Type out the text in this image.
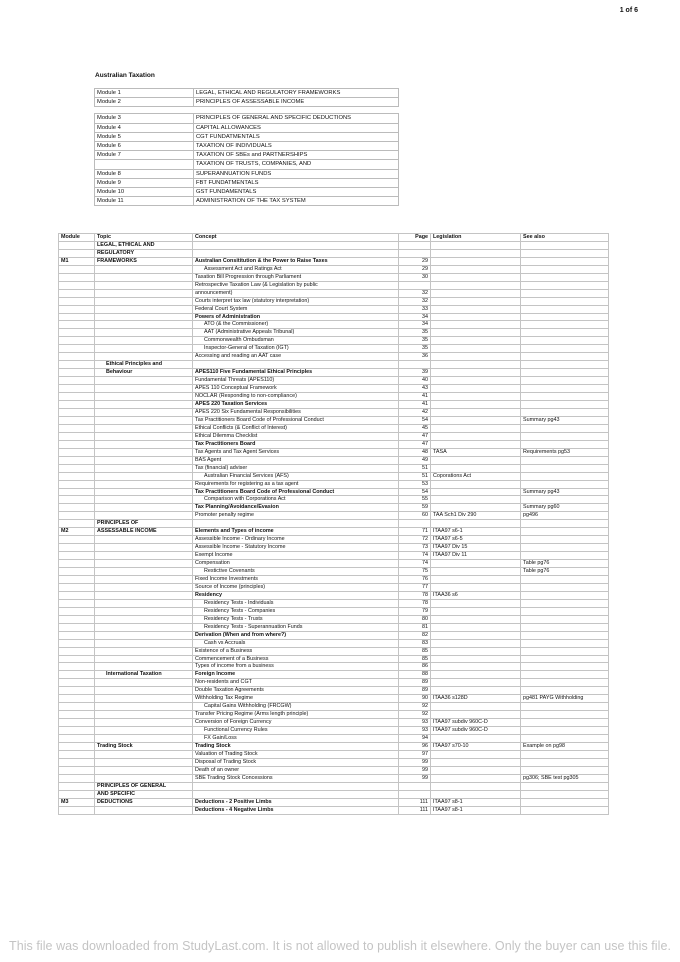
1 of 6
Australian Taxation
Module 1	LEGAL, ETHICAL AND REGULATORY FRAMEWORKS
Module 2	PRINCIPLES OF ASSESSABLE INCOME

Module 3	PRINCIPLES OF GENERAL AND SPECIFIC DEDUCTIONS
Module 4	CAPITAL ALLOWANCES
Module 5	CGT FUNDATMENTALS
Module 6	TAXATION OF INDIVIDUALS
Module 7	TAXATION OF SBEs and PARTNERSHIPS
	TAXATION OF TRUSTS, COMPANIES, AND
Module 8	SUPERANNUATION FUNDS
Module 9	FBT FUNDATMENTALS
Module 10	GST FUNDAMENTALS
Module 11	ADMINISTRATION OF THE TAX SYSTEM
Module	Topic	Concept	Page	Legislation	See also
	LEGAL, ETHICAL AND				
	REGULATORY				
M1	FRAMEWORKS	Australian Consititution & the Power to Raise Taxes	29		
		Assessment Act and Ratings Act	29		
		Taxation Bill Progression through Parliament	30		
		Retrospective Taxation Law (& Legislation by public			
		announcement)	32		
		Courts interpret tax law (statutory interpretation)	32		
		Federal Court System	33		
		Powers of Administration	34		
		ATO (& the Commissioner)	34		
		AAT (Administrative Appeals Tribunal)	35		
		Commonwealth Ombudsman	35		
		Inspector-General of Taxation (IGT)	35		
		Accessing and reading an AAT case	36		
	Ethical Principles and				
	Behaviour	APES110 Five Fundamental Ethical Principles	39		
		Fundamental Threats (APES110)	40		
		APES 110 Conceptual Framework	43		
		NOCLAR (Responding to non-compliance)	41		
		APES 220 Taxation Services	41		
		APES 220 Six Fundamental Responsibilities	42		
		Tax Practitioners Board Code of Professional Conduct	54		Summary pg43
		Ethical Conflicts (& Conflict of Interest)	45		
		Ethical Dilemma Checklist	47		
		Tax Practitioners Board	47		
		Tax Agents and Tax Agent Services	48	TASA	Requirements pg53
		BAS Agent	49		
		Tax (financial) adviser	51		
		Australian Financial Services (AFS)	51	Coporations Act	
		Requirements for registering as a tax agent	53		
		Tax Practitioners Board Code of Professional Conduct	54		Summary pg43
		Comparison with Corporations Act	55		
		Tax Planning/Avoidance/Evasion	59		Summary pg60
		Promoter penalty regime	60	TAA Sch1 Div 290	pg496
	PRINCIPLES OF				
M2	ASSESSABLE INCOME	Elements and Types of income	71	ITAA97 s6-1	
		Assessible Income - Ordinary Income	72	ITAA97 s6-5	
		Assessible Income - Statutory Income	73	ITAA97 Div 15	
		Exempt Income	74	ITAA97 Div 11	
		Compensation	74		Table pg76
		Restictive Covenants	75		Table pg76
		Fixed Income Investments	76		
		Source of Income (principles)	77		
		Residency	78	ITAA36 s6	
		Residency Tests - Individuals	78		
		Residency Tests - Companies	79		
		Residency Tests - Trusts	80		
		Residency Tests - Superannuation Funds	81		
		Derivation (When and from where?)	82		
		Cash vs Accruals	83		
		Existence of a Business	85		
		Commencement of a Business	85		
		Types of income from a business	86		
	International Taxation	Foreign Income	88		
		Non-residents and CGT	89		
		Double Taxation Agreements	89		
		Withholding Tax Regime	90	ITAA36 s128D	pg481 PAYG Withholding
		Capital Gains Withholding (FRCGW)	92		
		Transfer Pricing Regime (Arms length principle)	92		
		Conversion of Foreign Currency	93	ITAA97 subdiv 960C-D	
		Functional Currency Rules	93	ITAA97 subdiv 960C-D	
		FX Gain/Loss	94		
	Trading Stock	Trading Stock	96	ITAA97 s70-10	Example on pg98
		Valuation of Trading Stock	97		
		Disposal of Trading Stock	99		
		Death of an owner	99		
		SBE Trading Stock Concessions	99		pg306; SBE test pg305
	PRINCIPLES OF GENERAL				
	AND SPECIFIC				
M3	DEDUCTIONS	Deductions - 2 Positive Limbs	111	ITAA97 s8-1	
		Deductions - 4 Negative Limbs	111	ITAA97 s8-1	
This file was downloaded from StudyLast.com. It is not allowed to publish it elsewhere. Only the buyer can use this file.
